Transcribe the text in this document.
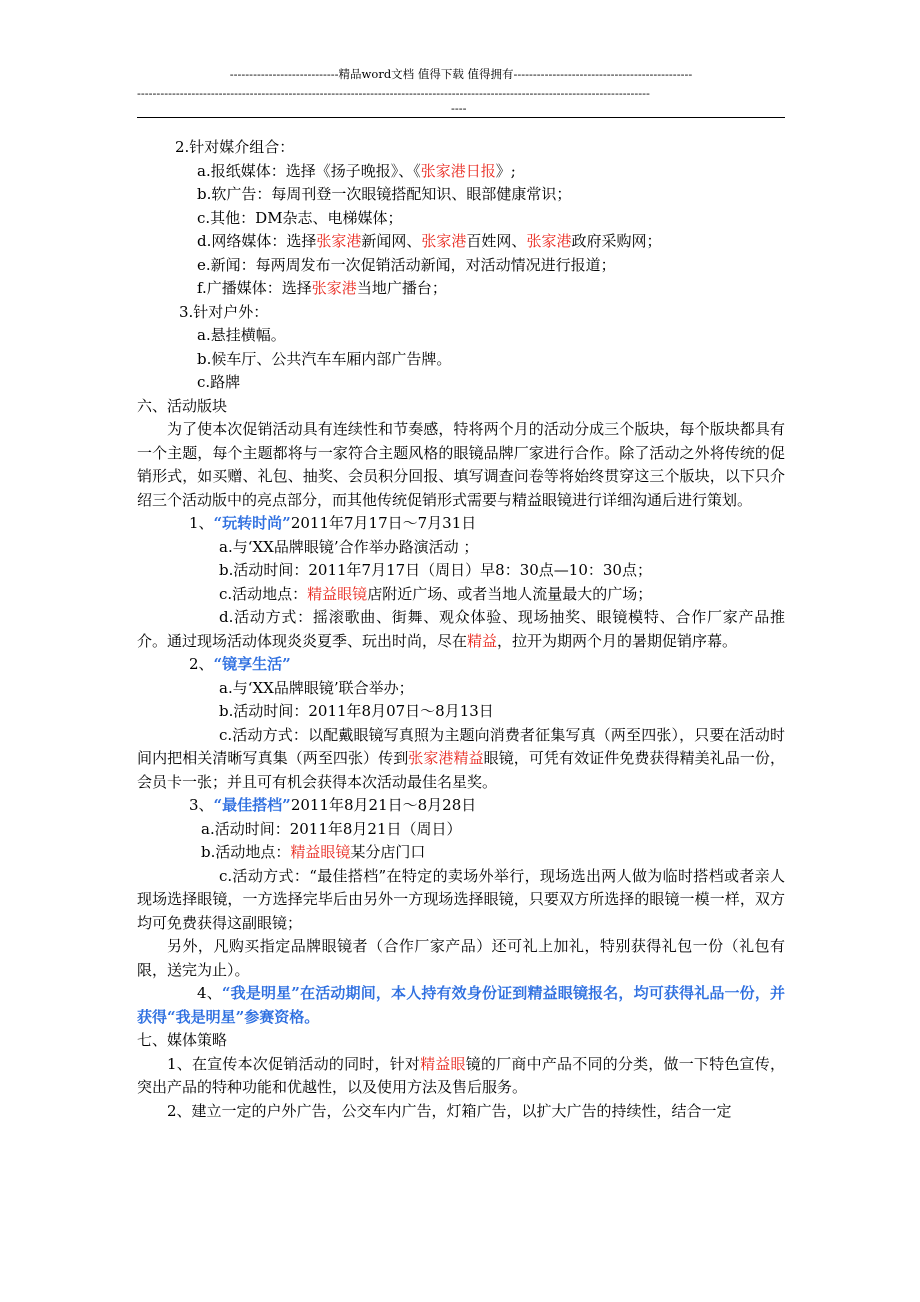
----------------------------精品word文档 值得下载 值得拥有----------------------------------------------
------------------------------------------------------------------------------------------------------------------------------------
----
2.针对媒介组合：
a.报纸媒体：选择《扬子晚报》、《张家港日报》;
b.软广告：每周刊登一次眼镜搭配知识、眼部健康常识；
c.其他：DM杂志、电梯媒体；
d.网络媒体：选择张家港新闻网、张家港百姓网、张家港政府采购网；
e.新闻：每两周发布一次促销活动新闻，对活动情况进行报道；
f.广播媒体：选择张家港当地广播台；
3.针对户外：
a.悬挂横幅。
b.候车厅、公共汽车车厢内部广告牌。
c.路牌
六、活动版块
为了使本次促销活动具有连续性和节奏感，特将两个月的活动分成三个版块，每个版块都具有一个主题，每个主题都将与一家符合主题风格的眼镜品牌厂家进行合作。除了活动之外将传统的促销形式，如买赠、礼包、抽奖、会员积分回报、填写调查问卷等将始终贯穿这三个版块，以下只介绍三个活动版中的亮点部分，而其他传统促销形式需要与精益眼镜进行详细沟通后进行策划。
1、“玩转时尚”2011年7月17日～7月31日
a.与‘XX品牌眼镜’合作举办路演活动 ；
b.活动时间：2011年7月17日（周日）早8：30点—10：30点；
c.活动地点：精益眼镜店附近广场、或者当地人流量最大的广场；
d.活动方式：摇滚歌曲、街舞、观众体验、现场抽奖、眼镜模特、合作厂家产品推介。通过现场活动体现炎炎夏季、玩出时尚，尽在精益，拉开为期两个月的暑期促销序幕。
2、“镜享生活”
a.与‘XX品牌眼镜’联合举办；
b.活动时间：2011年8月07日～8月13日
c.活动方式：以配戴眼镜写真照为主题向消费者征集写真（两至四张），只要在活动时间内把相关清晰写真集（两至四张）传到张家港精益眼镜，可凭有效证件免费获得精美礼品一份，会员卡一张；并且可有机会获得本次活动最佳名星奖。
3、“最佳搭档”2011年8月21日～8月28日
a.活动时间：2011年8月21日（周日）
b.活动地点：精益眼镜某分店门口
c.活动方式：“最佳搭档”在特定的卖场外举行，现场选出两人做为临时搭档或者亲人现场选择眼镜，一方选择完毕后由另外一方现场选择眼镜，只要双方所选择的眼镜一模一样，双方均可免费获得这副眼镜；
另外，凡购买指定品牌眼镜者（合作厂家产品）还可礼上加礼，特别获得礼包一份（礼包有限，送完为止）。
4、“我是明星”在活动期间，本人持有效身份证到精益眼镜报名，均可获得礼品一份，并获得“我是明星”参赛资格。
七、媒体策略
1、在宣传本次促销活动的同时，针对精益眼镜的厂商中产品不同的分类，做一下特色宣传，突出产品的特种功能和优越性，以及使用方法及售后服务。
2、建立一定的户外广告，公交车内广告，灯箱广告，以扩大广告的持续性，结合一定
